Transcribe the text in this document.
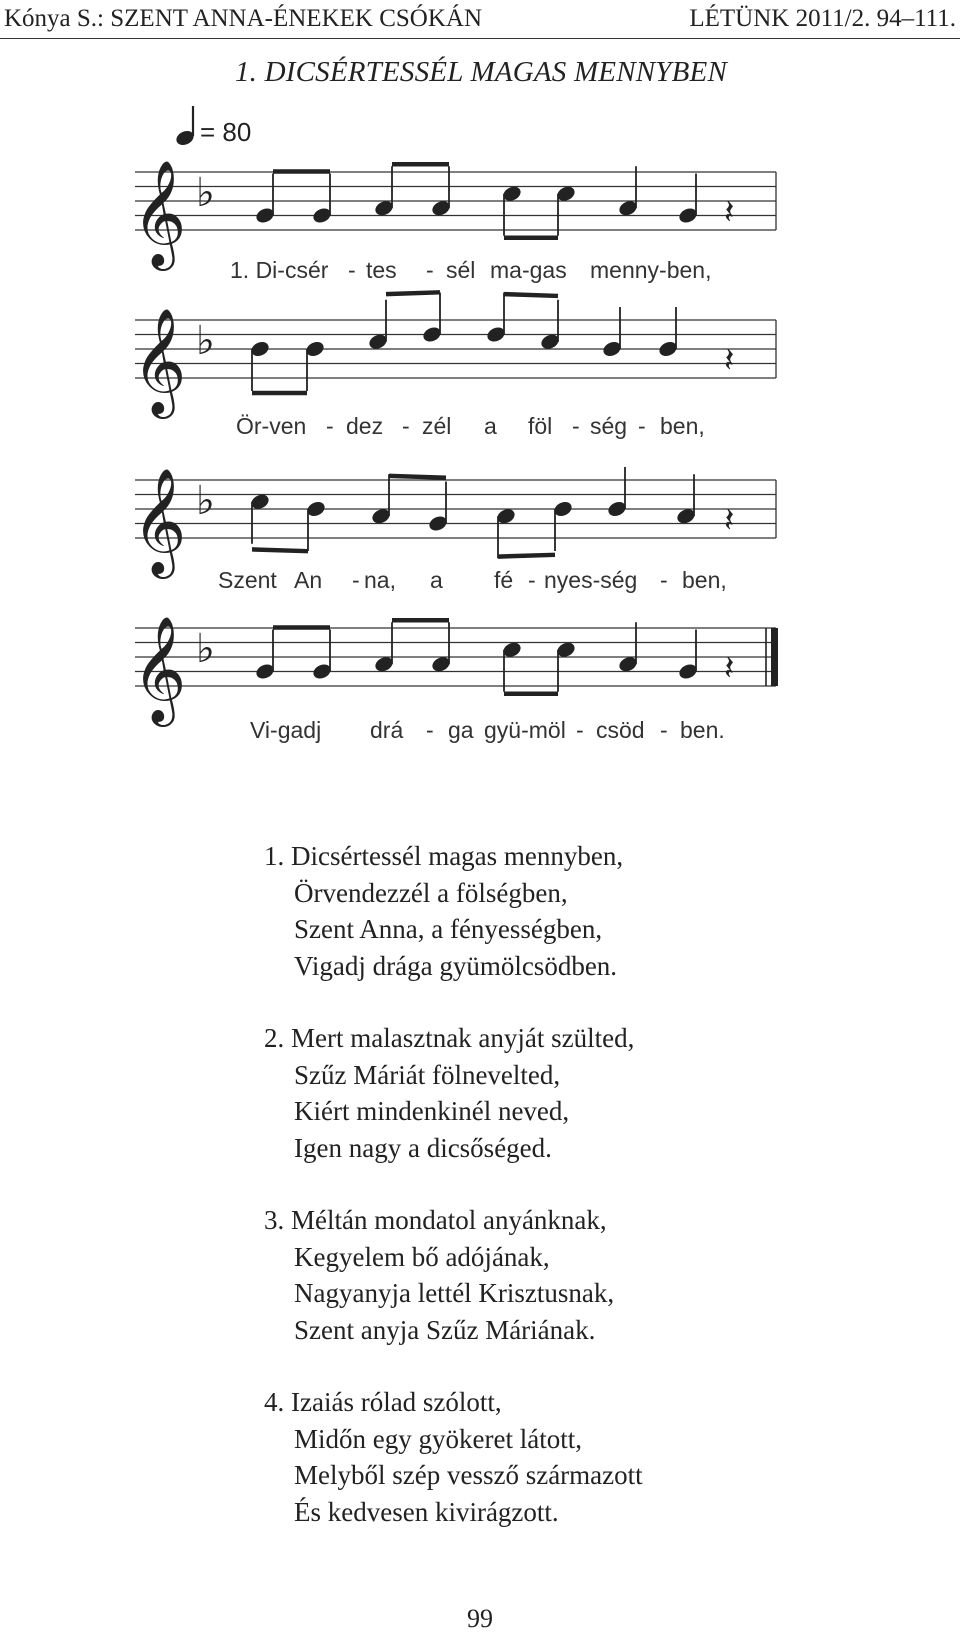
Kónya S.: SZENT ANNA-ÉNEKEK CSÓKÁN	LÉTÜNK 2011/2. 94–111.
1. DICSÉRTESSÉL MAGAS MENNYBEN
= 80
𝄞 ♭	𝄽
1. Di-csér - tes - sél ma-gas menny-ben,
𝄞 ♭	𝄽
Ör-ven - dez - zél a föl - ség - ben,
𝄞 ♭	𝄽
Szent An - na, a fé - nyes-ség - ben,
𝄞 ♭	𝄽
Vi-gadj drá - ga gyü-möl - csöd - ben.
1. Dicsértessél magas mennyben,
Örvendezzél a fölségben,
Szent Anna, a fényességben,
Vigadj drága gyümölcsödben.
2. Mert malasztnak anyját szülted,
Szűz Máriát fölnevelted,
Kiért mindenkinél neved,
Igen nagy a dicsőséged.
3. Méltán mondatol anyánknak,
Kegyelem bő adójának,
Nagyanyja lettél Krisztusnak,
Szent anyja Szűz Máriának.
4. Izaiás rólad szólott,
Midőn egy gyökeret látott,
Melyből szép vessző származott
És kedvesen kivirágzott.
99
